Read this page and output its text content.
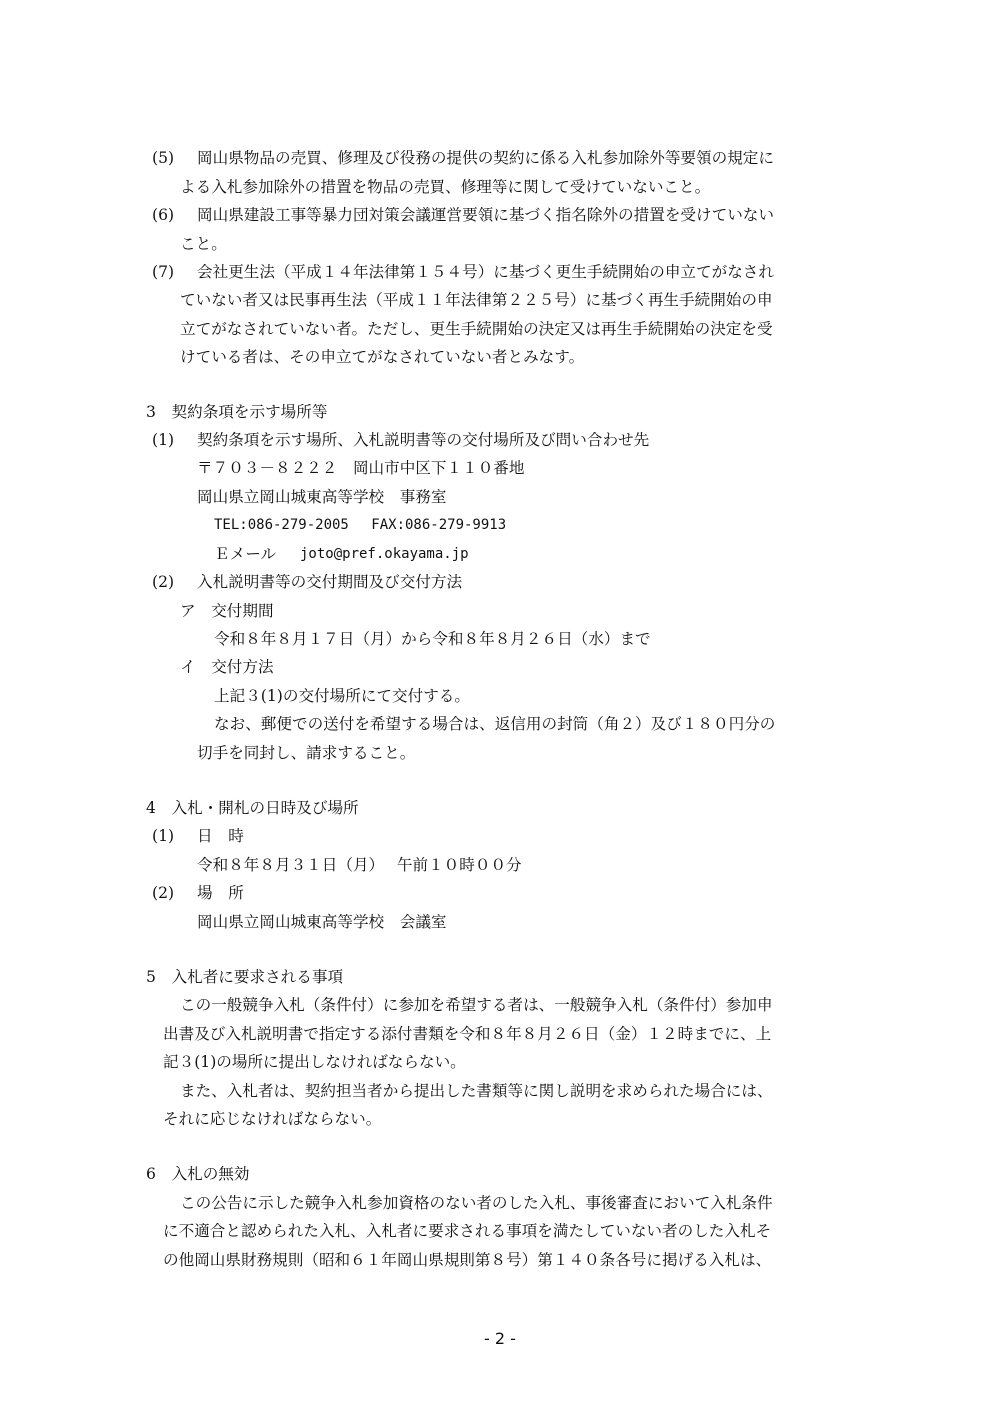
(5) 岡山県物品の売買、修理及び役務の提供の契約に係る入札参加除外等要領の規定に
よる入札参加除外の措置を物品の売買、修理等に関して受けていないこと。
(6) 岡山県建設工事等暴力団対策会議運営要領に基づく指名除外の措置を受けていない
こと。
(7) 会社更生法（平成１４年法律第１５４号）に基づく更生手続開始の申立てがなされ
ていない者又は民事再生法（平成１１年法律第２２５号）に基づく再生手続開始の申
立てがなされていない者。ただし、更生手続開始の決定又は再生手続開始の決定を受
けている者は、その申立てがなされていない者とみなす。
3　契約条項を示す場所等
(1) 契約条項を示す場所、入札説明書等の交付場所及び問い合わせ先
〒７０３－８２２２　岡山市中区下１１０番地
岡山県立岡山城東高等学校　事務室
TEL:086-279-2005　 FAX:086-279-9913
Ｅメール joto@pref.okayama.jp
(2) 入札説明書等の交付期間及び交付方法
ア　交付期間
令和８年８月１７日（月）から令和８年８月２６日（水）まで
イ　交付方法
上記３(1)の交付場所にて交付する。
なお、郵便での送付を希望する場合は、返信用の封筒（角２）及び１８０円分の
切手を同封し、請求すること。
4　入札・開札の日時及び場所
(1) 日　時
令和８年８月３１日（月）　 午前１０時００分
(2) 場　所
岡山県立岡山城東高等学校　会議室
5　入札者に要求される事項
この一般競争入札（条件付）に参加を希望する者は、一般競争入札（条件付）参加申
出書及び入札説明書で指定する添付書類を令和８年８月２６日（金）１２時までに、上
記３(1)の場所に提出しなければならない。
また、入札者は、契約担当者から提出した書類等に関し説明を求められた場合には、
それに応じなければならない。
6　入札の無効
この公告に示した競争入札参加資格のない者のした入札、事後審査において入札条件
に不適合と認められた入札、入札者に要求される事項を満たしていない者のした入札そ
の他岡山県財務規則（昭和６１年岡山県規則第８号）第１４０条各号に掲げる入札は、
- 2 -
